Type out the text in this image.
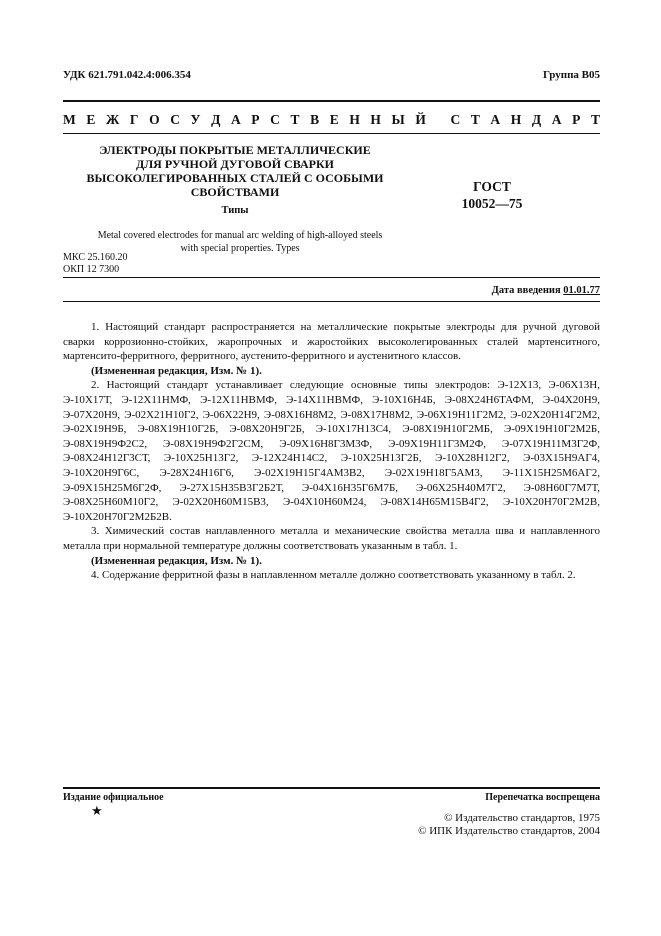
УДК 621.791.042.4:006.354	Группа В05
М Е Ж Г О С У Д А Р С Т В Е Н Н Ы Й
С Т А Н Д А Р Т
ЭЛЕКТРОДЫ ПОКРЫТЫЕ МЕТАЛЛИЧЕСКИЕ
ДЛЯ РУЧНОЙ ДУГОВОЙ СВАРКИ
ВЫСОКОЛЕГИРОВАННЫХ СТАЛЕЙ С ОСОБЫМИ
СВОЙСТВАМИ
Типы
Metal covered electrodes for manual arc welding of high-alloyed steels
with special properties. Types
ГОСТ
10052—75
МКС 25.160.20
ОКП 12 7300
Дата введения 01.01.77

1. Настоящий стандарт распространяется на металлические покрытые электроды для ручной дуговой сварки коррозионно-стойких, жаропрочных и жаростойких высоколегированных сталей мартенситного, мартенсито-ферритного, ферритного, аустенито-ферритного и аустенитного классов.

(Измененная редакция, Изм. № 1).

2. Настоящий стандарт устанавливает следующие основные типы электродов: Э-12Х13, Э-06Х13Н, Э-10Х17Т, Э-12Х11НМФ, Э-12Х11НВМФ, Э-14Х11НВМФ, Э-10Х16Н4Б, Э-08Х24Н6ТАФМ, Э-04Х20Н9, Э-07Х20Н9, Э-02Х21Н10Г2, Э-06Х22Н9, Э-08Х16Н8М2, Э-08Х17Н8М2, Э-06Х19Н11Г2М2, Э-02Х20Н14Г2М2, Э-02Х19Н9Б, Э-08Х19Н10Г2Б, Э-08Х20Н9Г2Б, Э-10Х17Н13С4, Э-08Х19Н10Г2МБ, Э-09Х19Н10Г2М2Б, Э-08Х19Н9Ф2С2, Э-08Х19Н9Ф2Г2СМ, Э-09Х16Н8Г3М3Ф, Э-09Х19Н11Г3М2Ф, Э-07Х19Н11М3Г2Ф, Э-08Х24Н12Г3СТ, Э-10Х25Н13Г2, Э-12Х24Н14С2, Э-10Х25Н13Г2Б, Э-10Х28Н12Г2, Э-03Х15Н9АГ4, Э-10Х20Н9Г6С, Э-28Х24Н16Г6, Э-02Х19Н15Г4АМ3В2, Э-02Х19Н18Г5АМ3, Э-11Х15Н25М6АГ2, Э-09Х15Н25М6Г2Ф, Э-27Х15Н35В3Г2Б2Т, Э-04Х16Н35Г6М7Б, Э-06Х25Н40М7Г2, Э-08Н60Г7М7Т, Э-08Х25Н60М10Г2, Э-02Х20Н60М15В3, Э-04Х10Н60М24, Э-08Х14Н65М15В4Г2, Э-10Х20Н70Г2М2В, Э-10Х20Н70Г2М2Б2В.

3. Химический состав наплавленного металла и механические свойства металла шва и наплавленного металла при нормальной температуре должны соответствовать указанным в табл. 1.

(Измененная редакция, Изм. № 1).

4. Содержание ферритной фазы в наплавленном металле должно соответствовать указанному в табл. 2.

Издание официальное	Перепечатка воспрещена
★	© Издательство стандартов, 1975
© ИПК Издательство стандартов, 2004
